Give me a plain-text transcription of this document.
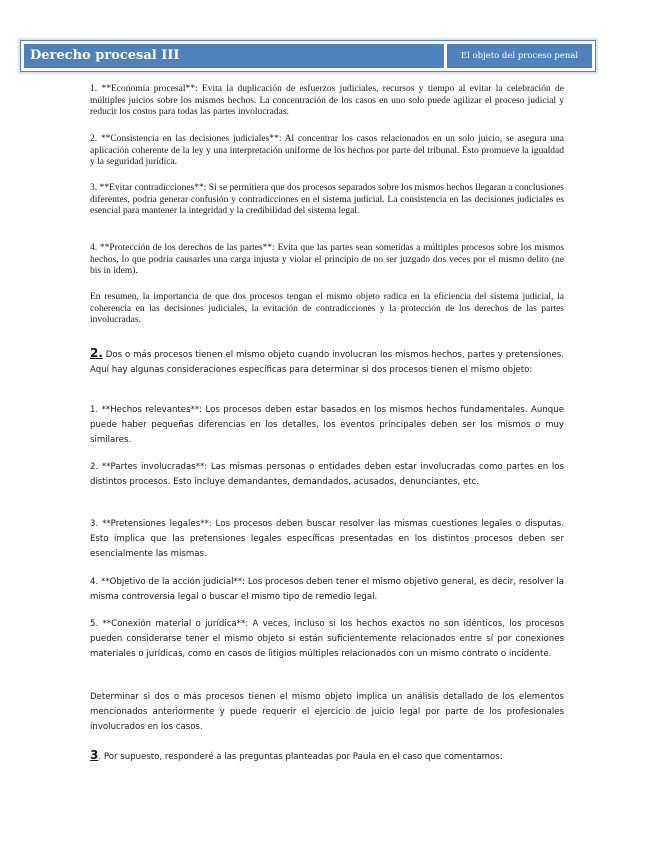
Derecho procesal III	El objeto del proceso penal
1. **Economía procesal**: Evita la duplicación de esfuerzos judiciales, recursos y tiempo al evitar la celebración de múltiples juicios sobre los mismos hechos. La concentración de los casos en uno solo puede agilizar el proceso judicial y reducir los costos para todas las partes involucradas.
2. **Consistencia en las decisiones judiciales**: Al concentrar los casos relacionados en un solo juicio, se asegura una aplicación coherente de la ley y una interpretación uniforme de los hechos por parte del tribunal. Esto promueve la igualdad y la seguridad jurídica.
3. **Evitar contradicciones**: Si se permitiera que dos procesos separados sobre los mismos hechos llegaran a conclusiones diferentes, podría generar confusión y contradicciones en el sistema judicial. La consistencia en las decisiones judiciales es esencial para mantener la integridad y la credibilidad del sistema legal.
4. **Protección de los derechos de las partes**: Evita que las partes sean sometidas a múltiples procesos sobre los mismos hechos, lo que podría causarles una carga injusta y violar el principio de no ser juzgado dos veces por el mismo delito (ne bis in idem).
En resumen, la importancia de que dos procesos tengan el mismo objeto radica en la eficiencia del sistema judicial, la coherencia en las decisiones judiciales, la evitación de contradicciones y la protección de los derechos de las partes involucradas.
2. Dos o más procesos tienen el mismo objeto cuando involucran los mismos hechos, partes y pretensiones. Aquí hay algunas consideraciones específicas para determinar si dos procesos tienen el mismo objeto:
1. **Hechos relevantes**: Los procesos deben estar basados en los mismos hechos fundamentales. Aunque puede haber pequeñas diferencias en los detalles, los eventos principales deben ser los mismos o muy similares.
2. **Partes involucradas**: Las mismas personas o entidades deben estar involucradas como partes en los distintos procesos. Esto incluye demandantes, demandados, acusados, denunciantes, etc.
3. **Pretensiones legales**: Los procesos deben buscar resolver las mismas cuestiones legales o disputas. Esto implica que las pretensiones legales específicas presentadas en los distintos procesos deben ser esencialmente las mismas.
4. **Objetivo de la acción judicial**: Los procesos deben tener el mismo objetivo general, es decir, resolver la misma controversia legal o buscar el mismo tipo de remedio legal.
5. **Conexión material o jurídica**: A veces, incluso si los hechos exactos no son idénticos, los procesos pueden considerarse tener el mismo objeto si están suficientemente relacionados entre sí por conexiones materiales o jurídicas, como en casos de litigios múltiples relacionados con un mismo contrato o incidente.
Determinar si dos o más procesos tienen el mismo objeto implica un análisis detallado de los elementos mencionados anteriormente y puede requerir el ejercicio de juicio legal por parte de los profesionales involucrados en los casos.
3. Por supuesto, responderé a las preguntas planteadas por Paula en el caso que comentamos:
